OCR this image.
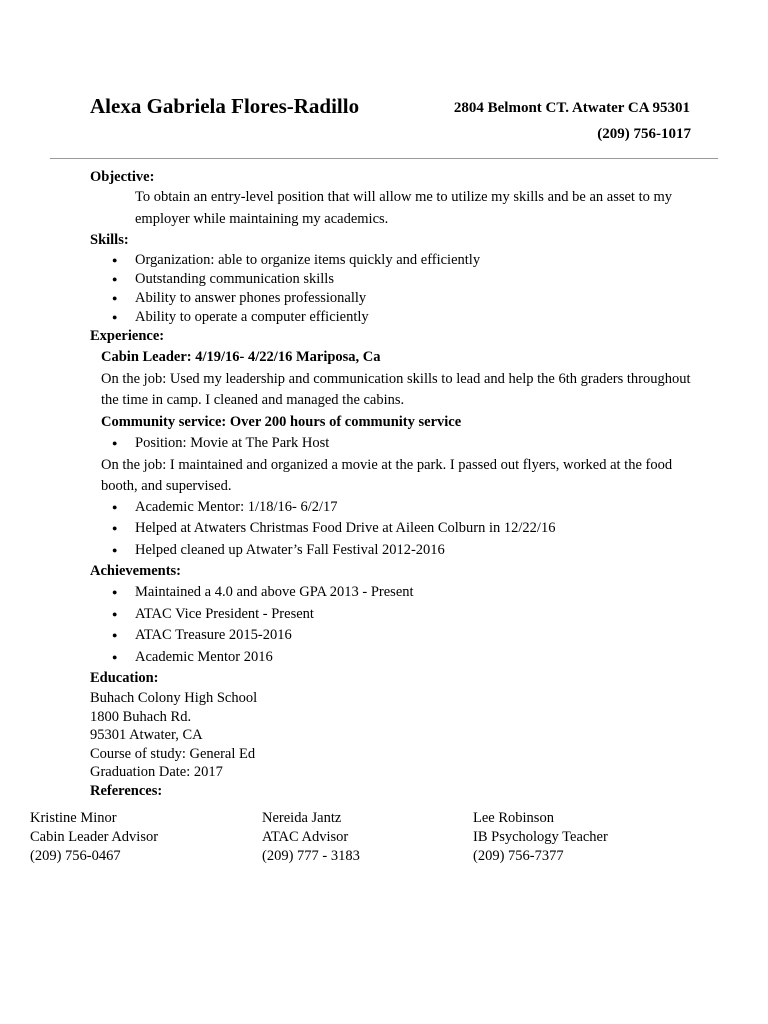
Alexa Gabriela Flores-Radillo	2804 Belmont CT. Atwater CA 95301
(209) 756-1017
Objective:
To obtain an entry-level position that will allow me to utilize my skills and be an asset to my
employer while maintaining my academics.
Skills:
● Organization: able to organize items quickly and efficiently
● Outstanding communication skills
● Ability to answer phones professionally
● Ability to operate a computer efficiently
Experience:
Cabin Leader: 4/19/16- 4/22/16 Mariposa, Ca
On the job: Used my leadership and communication skills to lead and help the 6th graders throughout
the time in camp. I cleaned and managed the cabins.
Community service: Over 200 hours of community service
● Position: Movie at The Park Host
On the job: I maintained and organized a movie at the park. I passed out flyers, worked at the food
booth, and supervised.
● Academic Mentor: 1/18/16- 6/2/17
● Helped at Atwaters Christmas Food Drive at Aileen Colburn in 12/22/16
● Helped cleaned up Atwater’s Fall Festival 2012-2016
Achievements:
● Maintained a 4.0 and above GPA 2013 - Present
● ATAC Vice President - Present
● ATAC Treasure 2015-2016
● Academic Mentor 2016
Education:
Buhach Colony High School
1800 Buhach Rd.
95301 Atwater, CA
Course of study: General Ed
Graduation Date: 2017
References:
Kristine Minor
Cabin Leader Advisor
(209) 756-0467
Nereida Jantz
ATAC Advisor
(209) 777 - 3183
Lee Robinson
IB Psychology Teacher
(209) 756-7377
